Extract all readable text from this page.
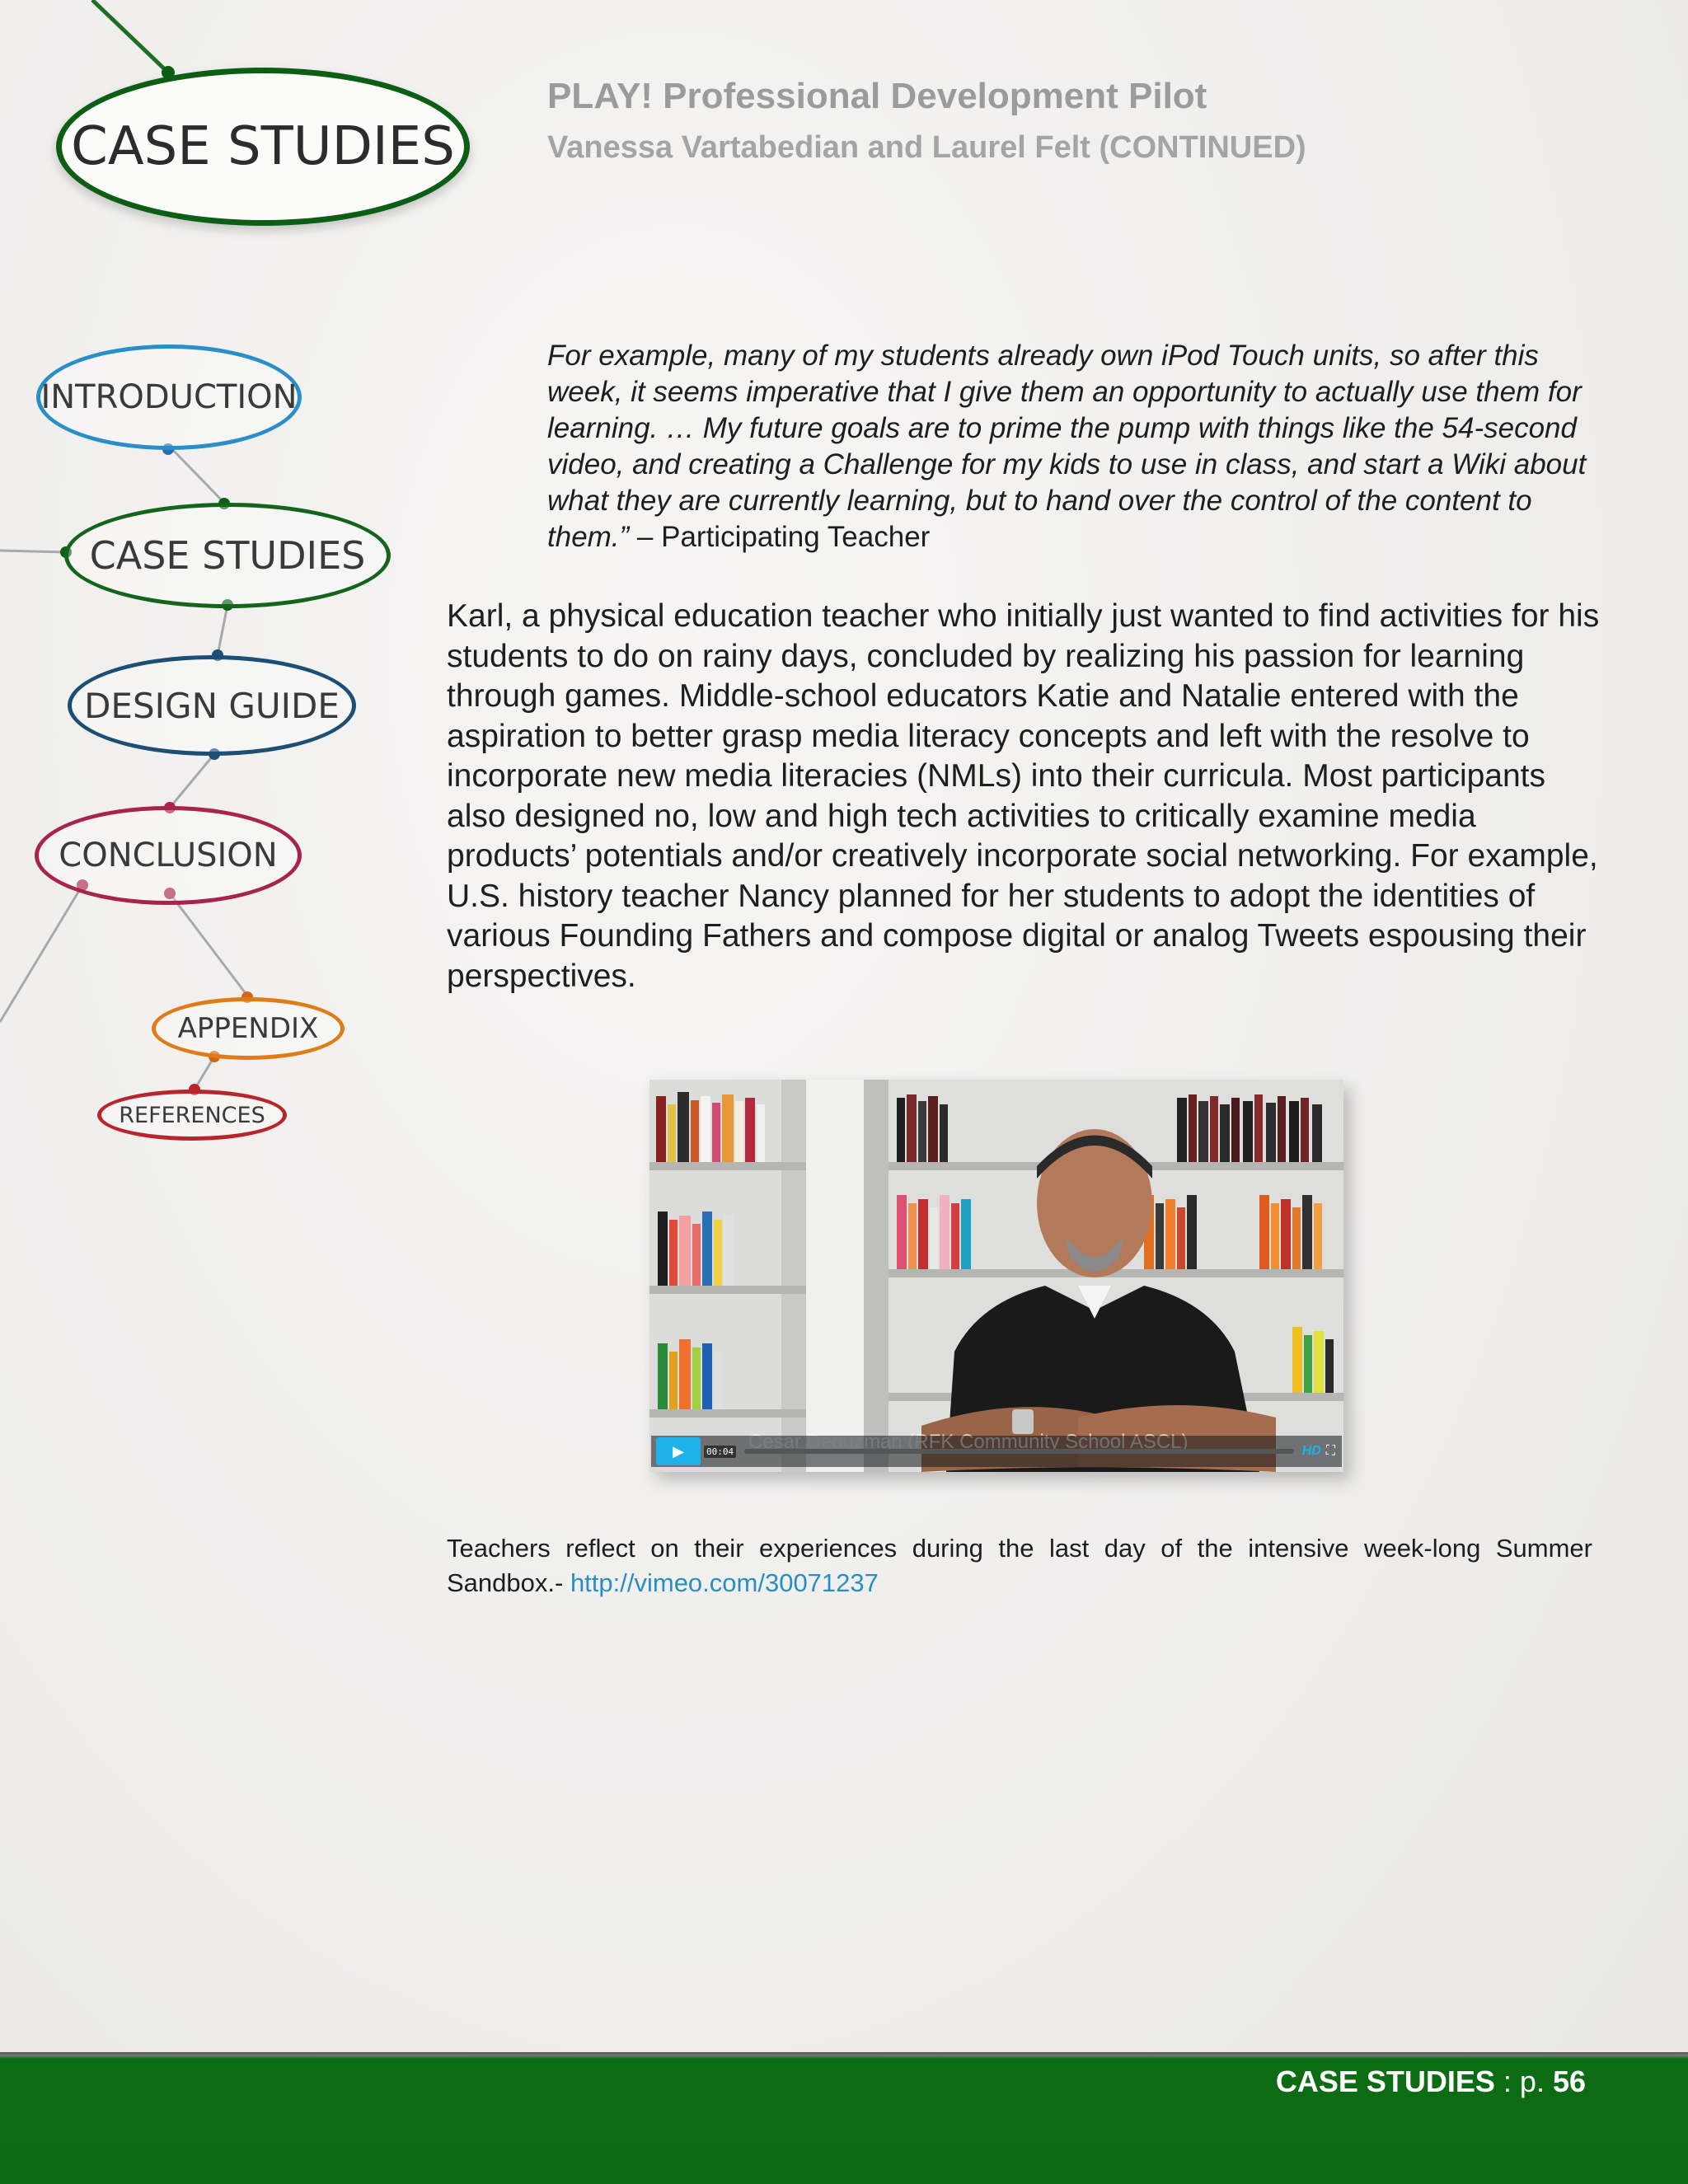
CASE STUDIES
INTRODUCTION
CASE STUDIES
DESIGN GUIDE
CONCLUSION
APPENDIX
REFERENCES
PLAY! Professional Development Pilot
Vanessa Vartabedian and Laurel Felt (CONTINUED)

For example, many of my students already own iPod Touch units, so after this week, it seems imperative that I give them an opportunity to actually use them for learning. … My future goals are to prime the pump with things like the 54-second video, and creating a Challenge for my kids to use in class, and start a Wiki about what they are currently learning, but to hand over the control of the content to them.” – Participating Teacher

Karl, a physical education teacher who initially just wanted to find activities for his students to do on rainy days, concluded by realizing his passion for learning through games. Middle-school educators Katie and Natalie entered with the aspiration to better grasp media literacy concepts and left with the resolve to incorporate new media literacies (NMLs) into their curricula. Most participants also designed no, low and high tech activities to critically examine media products’ potentials and/or creatively incorporate social networking. For example, U.S. history teacher Nancy planned for her students to adopt the identities of various Founding Fathers and compose digital or analog Tweets espousing their perspectives.

▶ 00:04	HD ⛶

Teachers reflect on their experiences during the last day of the intensive week-long Summer Sandbox.- http://vimeo.com/30071237

CASE STUDIES : p. 56
